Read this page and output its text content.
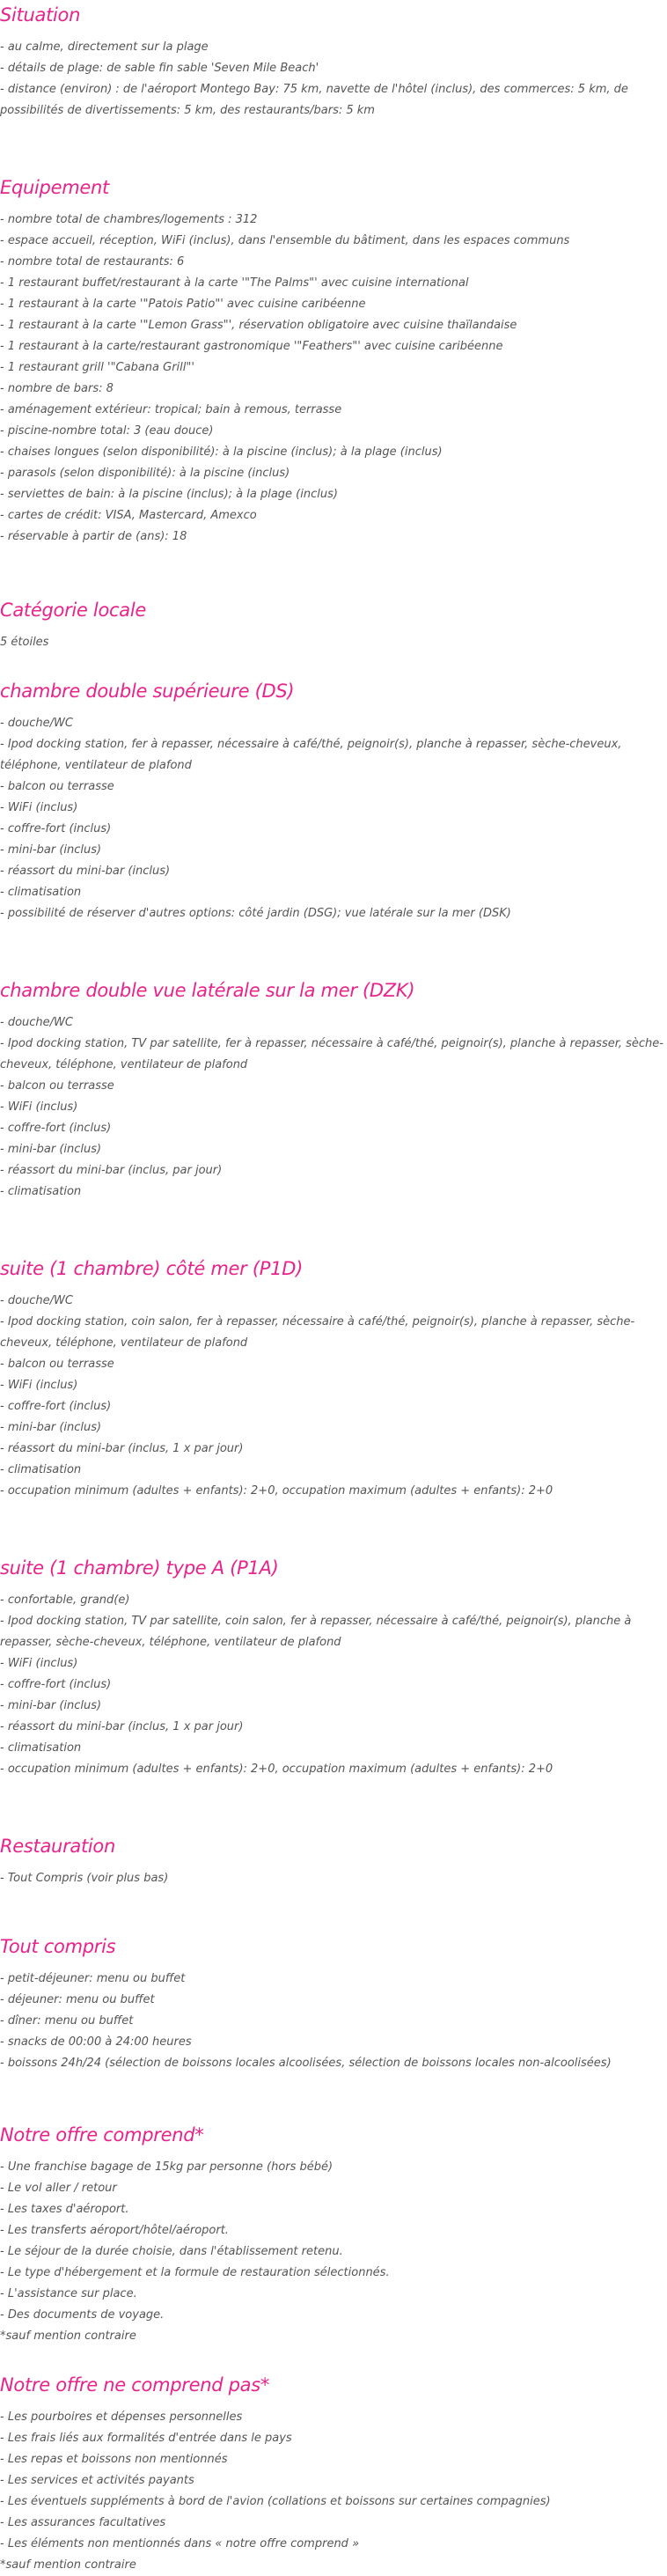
Situation
- au calme, directement sur la plage
- détails de plage: de sable fin sable 'Seven Mile Beach'
- distance (environ) : de l'aéroport Montego Bay: 75 km, navette de l'hôtel (inclus), des commerces: 5 km, de possibilités de divertissements: 5 km, des restaurants/bars: 5 km
Equipement
- nombre total de chambres/logements : 312
- espace accueil, réception, WiFi (inclus), dans l'ensemble du bâtiment, dans les espaces communs
- nombre total de restaurants: 6
- 1 restaurant buffet/restaurant à la carte '"The Palms"' avec cuisine international
- 1 restaurant à la carte '"Patois Patio"' avec cuisine caribéenne
- 1 restaurant à la carte '"Lemon Grass"', réservation obligatoire avec cuisine thaïlandaise
- 1 restaurant à la carte/restaurant gastronomique '"Feathers"' avec cuisine caribéenne
- 1 restaurant grill '"Cabana Grill"'
- nombre de bars: 8
- aménagement extérieur: tropical; bain à remous, terrasse
- piscine-nombre total: 3 (eau douce)
- chaises longues (selon disponibilité): à la piscine (inclus); à la plage (inclus)
- parasols (selon disponibilité): à la piscine (inclus)
- serviettes de bain: à la piscine (inclus); à la plage (inclus)
- cartes de crédit: VISA, Mastercard, Amexco
- réservable à partir de (ans): 18
Catégorie locale
5 étoiles
chambre double supérieure (DS)
- douche/WC
- Ipod docking station, fer à repasser, nécessaire à café/thé, peignoir(s), planche à repasser, sèche-cheveux, téléphone, ventilateur de plafond
- balcon ou terrasse
- WiFi (inclus)
- coffre-fort (inclus)
- mini-bar (inclus)
- réassort du mini-bar (inclus)
- climatisation
- possibilité de réserver d'autres options: côté jardin (DSG); vue latérale sur la mer (DSK)
chambre double vue latérale sur la mer (DZK)
- douche/WC
- Ipod docking station, TV par satellite, fer à repasser, nécessaire à café/thé, peignoir(s), planche à repasser, sèche-cheveux, téléphone, ventilateur de plafond
- balcon ou terrasse
- WiFi (inclus)
- coffre-fort (inclus)
- mini-bar (inclus)
- réassort du mini-bar (inclus, par jour)
- climatisation
suite (1 chambre) côté mer (P1D)
- douche/WC
- Ipod docking station, coin salon, fer à repasser, nécessaire à café/thé, peignoir(s), planche à repasser, sèche-cheveux, téléphone, ventilateur de plafond
- balcon ou terrasse
- WiFi (inclus)
- coffre-fort (inclus)
- mini-bar (inclus)
- réassort du mini-bar (inclus, 1 x par jour)
- climatisation
- occupation minimum (adultes + enfants): 2+0, occupation maximum (adultes + enfants): 2+0
suite (1 chambre) type A (P1A)
- confortable, grand(e)
- Ipod docking station, TV par satellite, coin salon, fer à repasser, nécessaire à café/thé, peignoir(s), planche à repasser, sèche-cheveux, téléphone, ventilateur de plafond
- WiFi (inclus)
- coffre-fort (inclus)
- mini-bar (inclus)
- réassort du mini-bar (inclus, 1 x par jour)
- climatisation
- occupation minimum (adultes + enfants): 2+0, occupation maximum (adultes + enfants): 2+0
Restauration
- Tout Compris (voir plus bas)
Tout compris
- petit-déjeuner: menu ou buffet
- déjeuner: menu ou buffet
- dîner: menu ou buffet
- snacks de 00:00 à 24:00 heures
- boissons 24h/24 (sélection de boissons locales alcoolisées, sélection de boissons locales non-alcoolisées)
Notre offre comprend*
- Une franchise bagage de 15kg par personne (hors bébé)
- Le vol aller / retour
- Les taxes d'aéroport.
- Les transferts aéroport/hôtel/aéroport.
- Le séjour de la durée choisie, dans l'établissement retenu.
- Le type d'hébergement et la formule de restauration sélectionnés.
- L'assistance sur place.
- Des documents de voyage.
*sauf mention contraire
Notre offre ne comprend pas*
- Les pourboires et dépenses personnelles
- Les frais liés aux formalités d'entrée dans le pays
- Les repas et boissons non mentionnés
- Les services et activités payants
- Les éventuels suppléments à bord de l'avion (collations et boissons sur certaines compagnies)
- Les assurances facultatives
- Les éléments non mentionnés dans « notre offre comprend »
*sauf mention contraire
